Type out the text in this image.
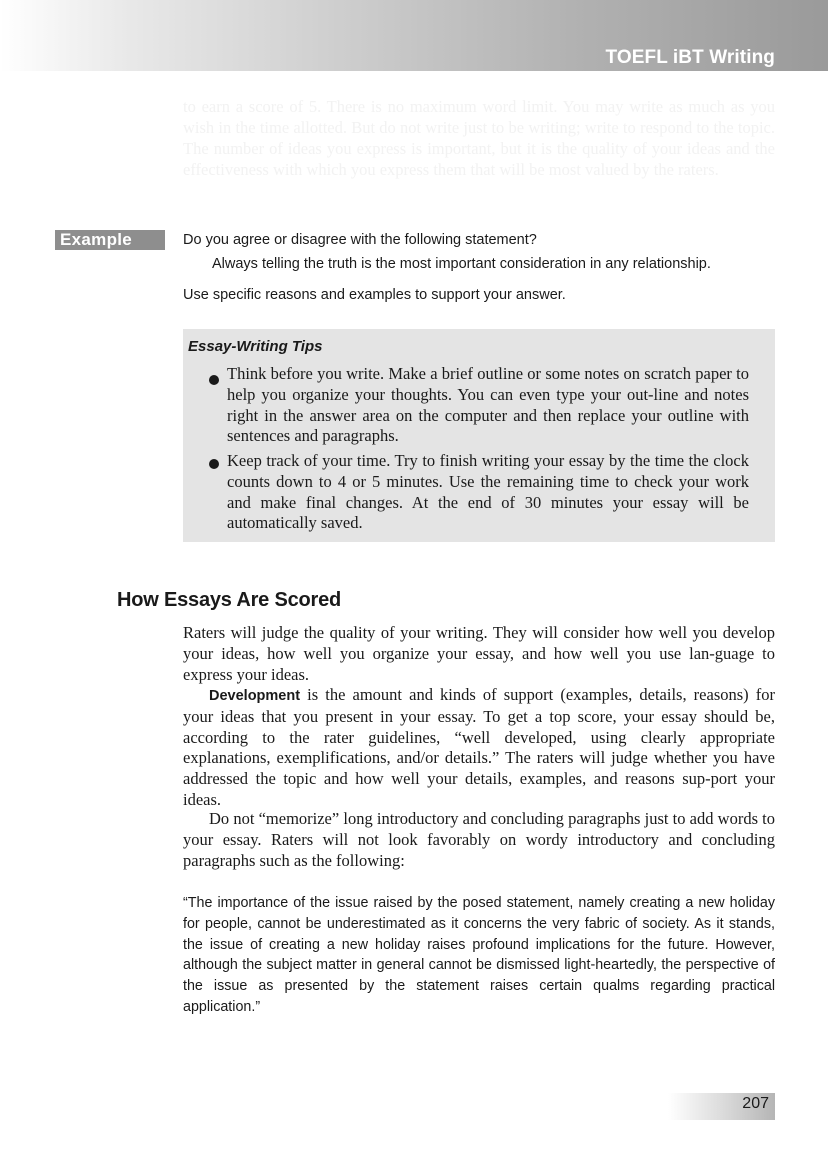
TOEFL iBT Writing

to earn a score of 5. There is no maximum word limit. You may write as much as you wish in the time allotted. But do not write just to be writing; write to respond to the topic. The number of ideas you express is important, but it is the quality of your ideas and the effectiveness with which you express them that will be most valued by the raters.

Example	Do you agree or disagree with the following statement?
Always telling the truth is the most important consideration in any relationship.
Use specific reasons and examples to support your answer.
Essay-Writing Tips

Think before you write. Make a brief outline or some notes on scratch paper to help you organize your thoughts. You can even type your out-line and notes right in the answer area on the computer and then replace your outline with sentences and paragraphs.

Keep track of your time. Try to finish writing your essay by the time the clock counts down to 4 or 5 minutes. Use the remaining time to check your work and make final changes. At the end of 30 minutes your essay will be automatically saved.

How Essays Are Scored

Raters will judge the quality of your writing. They will consider how well you develop your ideas, how well you organize your essay, and how well you use lan-guage to express your ideas.

Development is the amount and kinds of support (examples, details, reasons) for your ideas that you present in your essay. To get a top score, your essay should be, according to the rater guidelines, “well developed, using clearly appropriate explanations, exemplifications, and/or details.” The raters will judge whether you have addressed the topic and how well your details, examples, and reasons sup-port your ideas.

Do not “memorize” long introductory and concluding paragraphs just to add words to your essay. Raters will not look favorably on wordy introductory and concluding paragraphs such as the following:

“The importance of the issue raised by the posed statement, namely creating a new holiday for people, cannot be underestimated as it concerns the very fabric of society. As it stands, the issue of creating a new holiday raises profound implications for the future. However, although the subject matter in general cannot be dismissed light-heartedly, the perspective of the issue as presented by the statement raises certain qualms regarding practical application.”

207
